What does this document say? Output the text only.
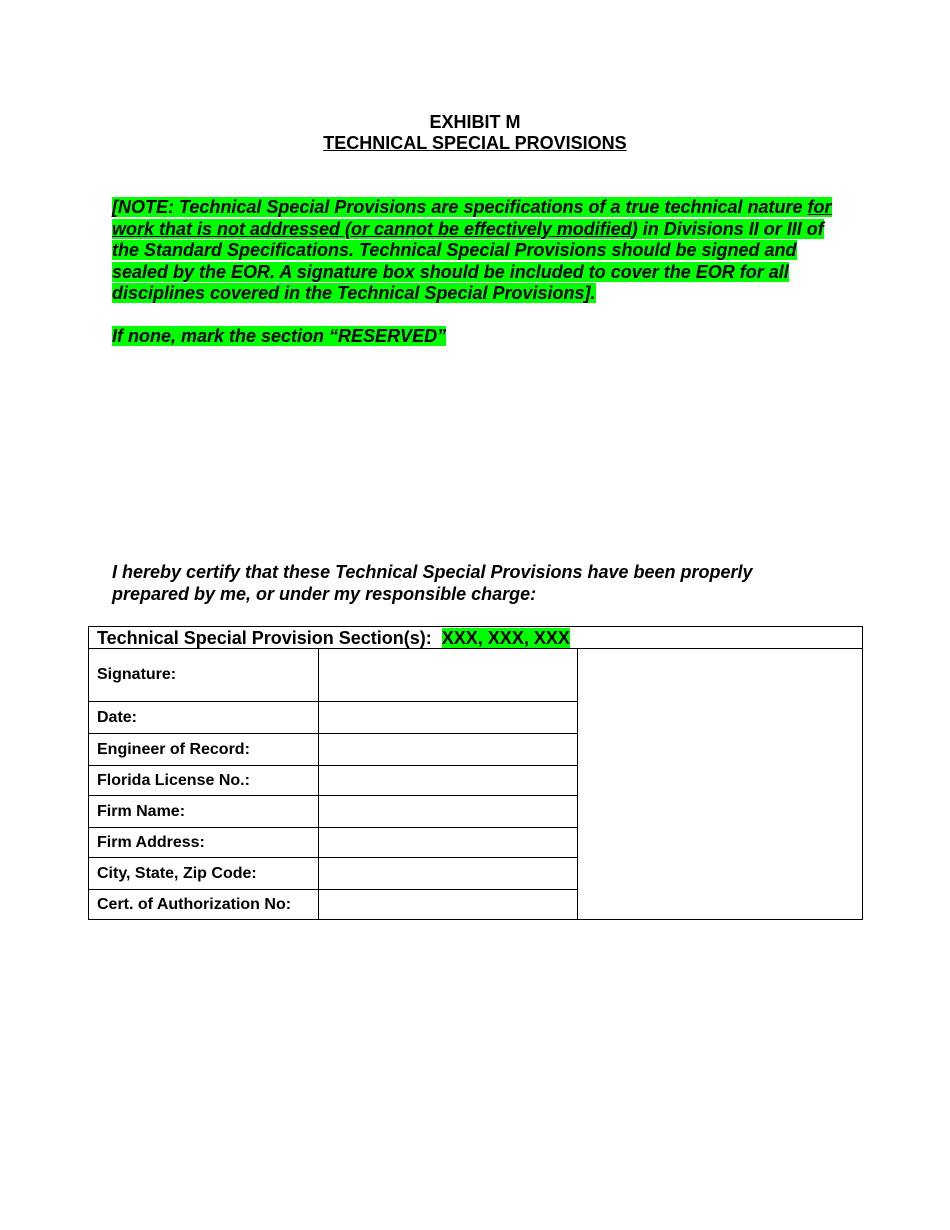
EXHIBIT M
TECHNICAL SPECIAL PROVISIONS
[NOTE: Technical Special Provisions are specifications of a true technical nature for work that is not addressed (or cannot be effectively modified) in Divisions II or III of the Standard Specifications. Technical Special Provisions should be signed and sealed by the EOR. A signature box should be included to cover the EOR for all disciplines covered in the Technical Special Provisions].
If none, mark the section “RESERVED”
I hereby certify that these Technical Special Provisions have been properly prepared by me, or under my responsible charge:
Technical Special Provision Section(s): XXX, XXX, XXX		
Signature:		
Date:		
Engineer of Record:		
Florida License No.:		
Firm Name:		
Firm Address:		
City, State, Zip Code:		
Cert. of Authorization No:		
